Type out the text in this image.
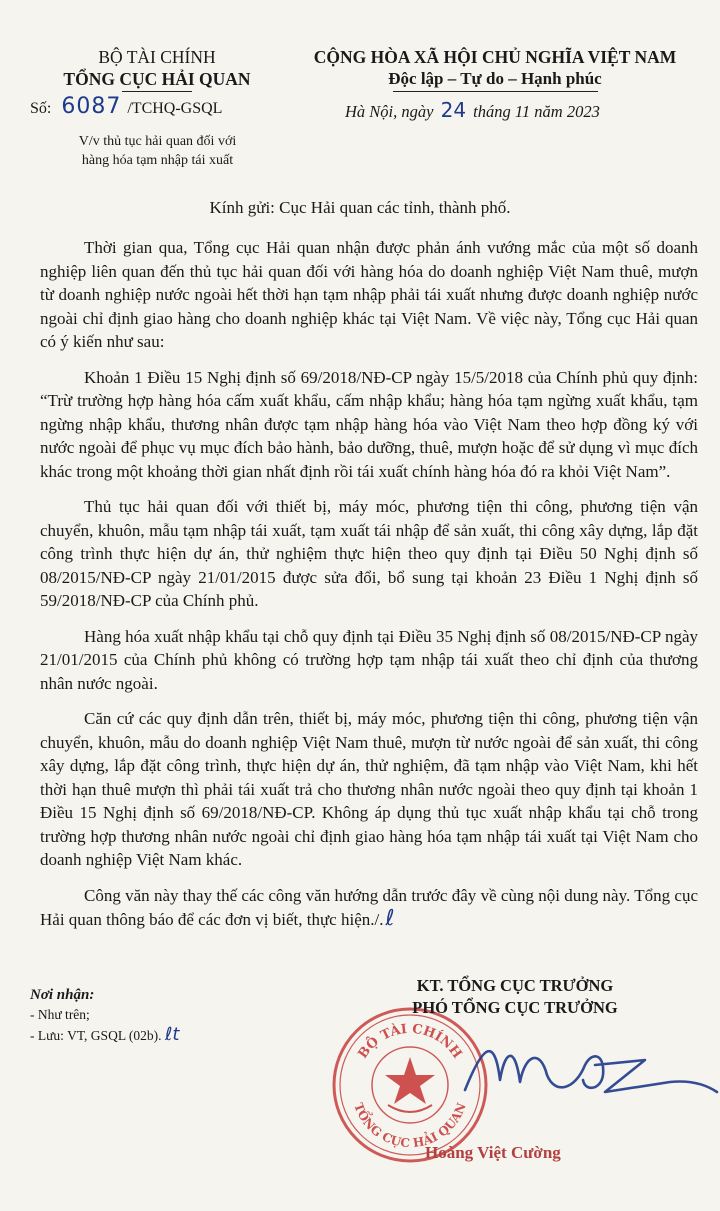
BỘ TÀI CHÍNH
TỔNG CỤC HẢI QUAN
CỘNG HÒA XÃ HỘI CHỦ NGHĨA VIỆT NAM
Độc lập – Tự do – Hạnh phúc
Số: 6087 /TCHQ-GSQL	Hà Nội, ngày 24 tháng 11 năm 2023
V/v thủ tục hải quan đối với
hàng hóa tạm nhập tái xuất
Kính gửi: Cục Hải quan các tỉnh, thành phố.

Thời gian qua, Tổng cục Hải quan nhận được phản ánh vướng mắc của một số doanh nghiệp liên quan đến thủ tục hải quan đối với hàng hóa do doanh nghiệp Việt Nam thuê, mượn từ doanh nghiệp nước ngoài hết thời hạn tạm nhập phải tái xuất nhưng được doanh nghiệp nước ngoài chỉ định giao hàng cho doanh nghiệp khác tại Việt Nam. Về việc này, Tổng cục Hải quan có ý kiến như sau:

Khoản 1 Điều 15 Nghị định số 69/2018/NĐ-CP ngày 15/5/2018 của Chính phủ quy định: “Trừ trường hợp hàng hóa cấm xuất khẩu, cấm nhập khẩu; hàng hóa tạm ngừng xuất khẩu, tạm ngừng nhập khẩu, thương nhân được tạm nhập hàng hóa vào Việt Nam theo hợp đồng ký với nước ngoài để phục vụ mục đích bảo hành, bảo dưỡng, thuê, mượn hoặc để sử dụng vì mục đích khác trong một khoảng thời gian nhất định rồi tái xuất chính hàng hóa đó ra khỏi Việt Nam”.

Thủ tục hải quan đối với thiết bị, máy móc, phương tiện thi công, phương tiện vận chuyển, khuôn, mẫu tạm nhập tái xuất, tạm xuất tái nhập để sản xuất, thi công xây dựng, lắp đặt công trình thực hiện dự án, thử nghiệm thực hiện theo quy định tại Điều 50 Nghị định số 08/2015/NĐ-CP ngày 21/01/2015 được sửa đổi, bổ sung tại khoản 23 Điều 1 Nghị định số 59/2018/NĐ-CP của Chính phủ.

Hàng hóa xuất nhập khẩu tại chỗ quy định tại Điều 35 Nghị định số 08/2015/NĐ-CP ngày 21/01/2015 của Chính phủ không có trường hợp tạm nhập tái xuất theo chỉ định của thương nhân nước ngoài.

Căn cứ các quy định dẫn trên, thiết bị, máy móc, phương tiện thi công, phương tiện vận chuyển, khuôn, mẫu do doanh nghiệp Việt Nam thuê, mượn từ nước ngoài để sản xuất, thi công xây dựng, lắp đặt công trình, thực hiện dự án, thử nghiệm, đã tạm nhập vào Việt Nam, khi hết thời hạn thuê mượn thì phải tái xuất trả cho thương nhân nước ngoài theo quy định tại khoản 1 Điều 15 Nghị định số 69/2018/NĐ-CP. Không áp dụng thủ tục xuất nhập khẩu tại chỗ trong trường hợp thương nhân nước ngoài chỉ định giao hàng hóa tạm nhập tái xuất tại Việt Nam cho doanh nghiệp Việt Nam khác.

Công văn này thay thế các công văn hướng dẫn trước đây về cùng nội dung này. Tổng cục Hải quan thông báo để các đơn vị biết, thực hiện./.ℓ

Nơi nhận:
- Như trên;
- Lưu: VT, GSQL (02b). ℓt
BỘ TÀI CHÍNH
TỔNG CỤC HẢI QUAN
KT. TỔNG CỤC TRƯỞNG
PHÓ TỔNG CỤC TRƯỞNG
Hoàng Việt Cường
